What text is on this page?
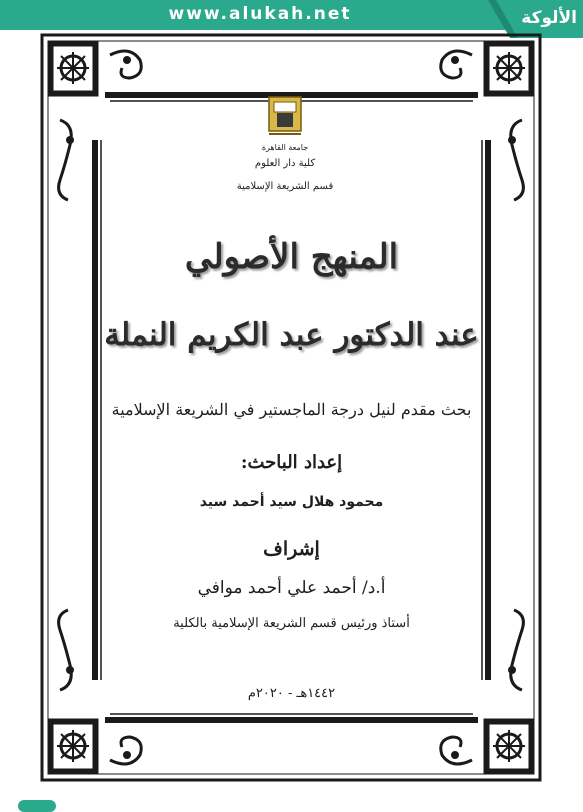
www.alukah.net	الألوكة
جامعة القاهرة
كلية دار العلوم
قسم الشريعة الإسلامية
المنهج الأصولي
عند الدكتور عبد الكريم النملة
بحث مقدم لنيل درجة الماجستير في الشريعة الإسلامية
إعداد الباحث:
محمود هلال سيد أحمد سيد
إشراف
أ.د/ أحمد علي أحمد موافي
أستاذ ورئيس قسم الشريعة الإسلامية بالكلية
١٤٤٢هـ - ٢٠٢٠م
